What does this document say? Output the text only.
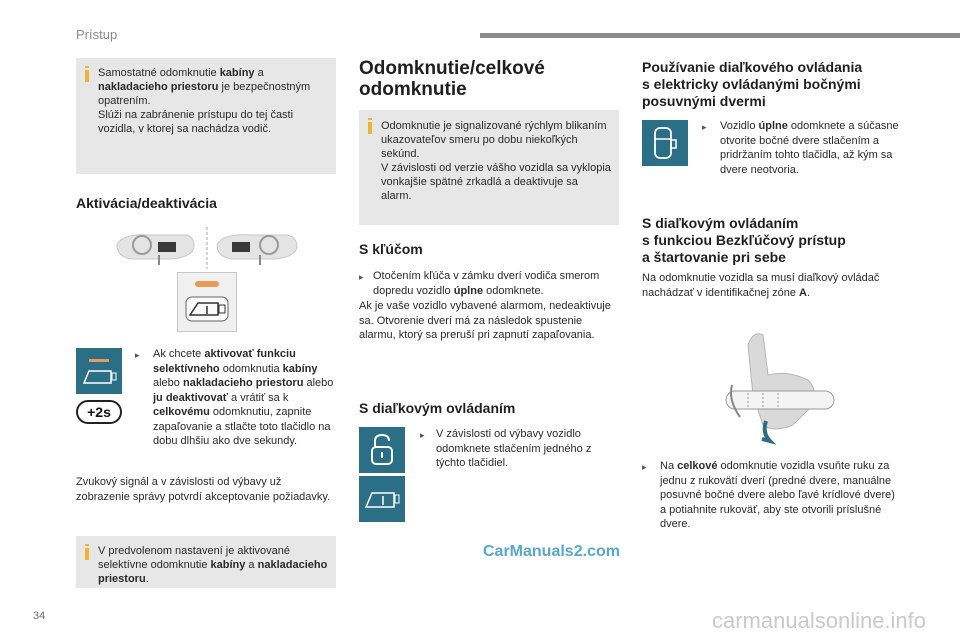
Prístup
Samostatné odomknutie kabíny a nakladacieho priestoru je bezpečnostným opatrením.
Slúži na zabránenie prístupu do tej časti vozidla, v ktorej sa nachádza vodič.
Aktivácia/deaktivácia
+2s
▸	Ak chcete aktivovať funkciu selektívneho odomknutia kabíny alebo nakladacieho priestoru alebo ju deaktivovať a vrátiť sa k celkovému odomknutiu, zapnite zapaľovanie a stlačte toto tlačidlo na dobu dlhšiu ako dve sekundy.
Zvukový signál a v závislosti od výbavy už zobrazenie správy potvrdí akceptovanie požiadavky.
V predvolenom nastavení je aktivované selektívne odomknutie kabíny a nakladacieho priestoru.
Odomknutie/celkové
odomknutie
Odomknutie je signalizované rýchlym blikaním ukazovateľov smeru po dobu niekoľkých sekúnd.
V závislosti od verzie vášho vozidla sa vyklopia vonkajšie spätné zrkadlá a deaktivuje sa alarm.
S kľúčom
▸ Otočením kľúča v zámku dverí vodiča smerom dopredu vozidlo úplne odomknete.
Ak je vaše vozidlo vybavené alarmom, nedeaktivuje sa. Otvorenie dverí má za následok spustenie alarmu, ktorý sa preruší pri zapnutí zapaľovania.
S diaľkovým ovládaním
▸	V závislosti od výbavy vozidlo odomknete stlačením jedného z týchto tlačidiel.
CarManuals2.com
Používanie diaľkového ovládania
s elektricky ovládanými bočnými
posuvnými dvermi
▸	Vozidlo úplne odomknete a súčasne otvorite bočné dvere stlačením a pridržaním tohto tlačidla, až kým sa dvere neotvoria.
S diaľkovým ovládaním
s funkciou Bezkľúčový prístup
a štartovanie pri sebe
Na odomknutie vozidla sa musí diaľkový ovládač nachádzať v identifikačnej zóne A.
▸	Na celkové odomknutie vozidla vsuňte ruku za jednu z rukovätí dverí (predné dvere, manuálne posuvné bočné dvere alebo ľavé krídlové dvere) a potiahnite rukoväť, aby ste otvorili príslušné dvere.
34	carmanualsonline.info
